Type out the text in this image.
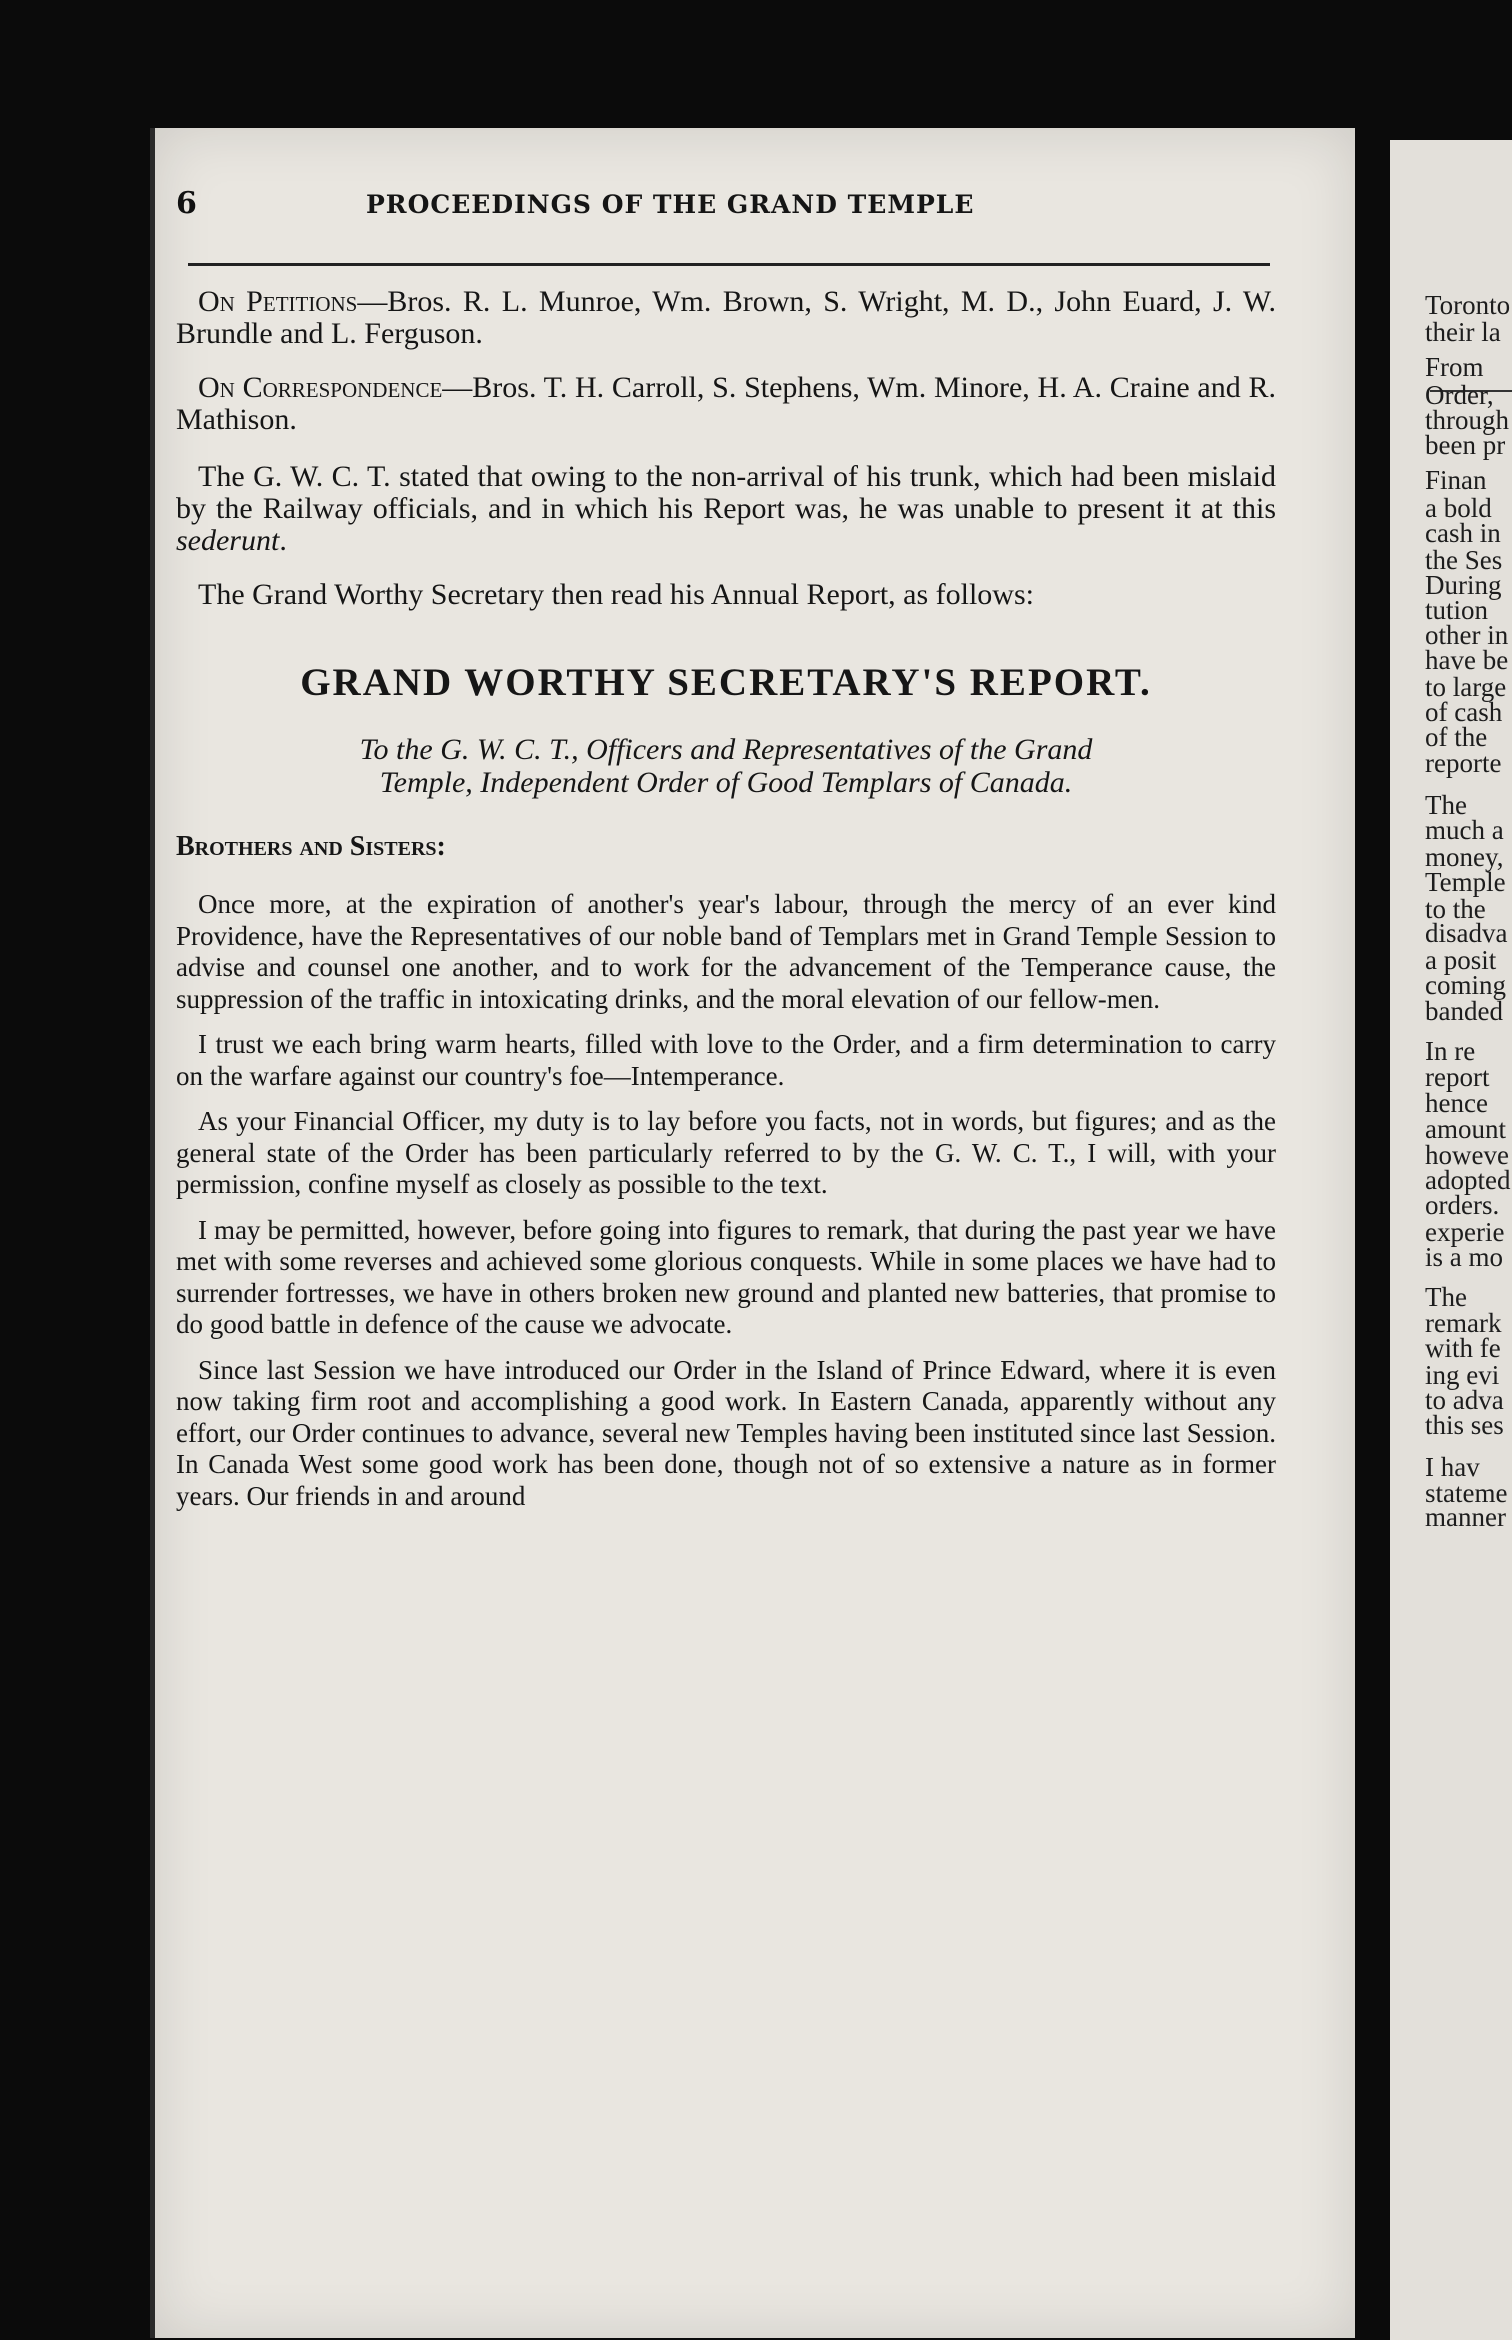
Toronto
their la
From
Order,
through
been pr
Finan
a bold
cash in
the Ses
During
tution
other in
have be
to large
of cash
of the
reporte
The
much a
money,
Temple
to the
disadva
a posit
coming
banded
In re
report
hence
amount
howeve
adopted
orders.
experie
is a mo
The
remark
with fe
ing evi
to adva
this ses
I hav
stateme
manner
6	PROCEEDINGS OF THE GRAND TEMPLE

On Petitions—Bros. R. L. Munroe, Wm. Brown, S. Wright, M. D., John Euard, J. W. Brundle and L. Ferguson.

On Correspondence—Bros. T. H. Carroll, S. Stephens, Wm. Minore, H. A. Craine and R. Mathison.

The G. W. C. T. stated that owing to the non-arrival of his trunk, which had been mislaid by the Railway officials, and in which his Report was, he was unable to present it at this sederunt.

The Grand Worthy Secretary then read his Annual Report, as follows:

GRAND WORTHY SECRETARY'S REPORT.
To the G. W. C. T., Officers and Representatives of the Grand
Temple, Independent Order of Good Templars of Canada.
Brothers and Sisters:

Once more, at the expiration of another's year's labour, through the mercy of an ever kind Providence, have the Representatives of our noble band of Templars met in Grand Temple Session to advise and counsel one another, and to work for the advancement of the Temperance cause, the suppression of the traffic in intoxicating drinks, and the moral elevation of our fellow-men.

I trust we each bring warm hearts, filled with love to the Order, and a firm determination to carry on the warfare against our country's foe—Intemperance.

As your Financial Officer, my duty is to lay before you facts, not in words, but figures; and as the general state of the Order has been particularly referred to by the G. W. C. T., I will, with your permission, confine myself as closely as possible to the text.

I may be permitted, however, before going into figures to remark, that during the past year we have met with some reverses and achieved some glorious conquests. While in some places we have had to surrender fortresses, we have in others broken new ground and planted new batteries, that promise to do good battle in defence of the cause we advocate.

Since last Session we have introduced our Order in the Island of Prince Edward, where it is even now taking firm root and accomplishing a good work. In Eastern Canada, apparently without any effort, our Order continues to advance, several new Temples having been instituted since last Session. In Canada West some good work has been done, though not of so extensive a nature as in former years. Our friends in and around
